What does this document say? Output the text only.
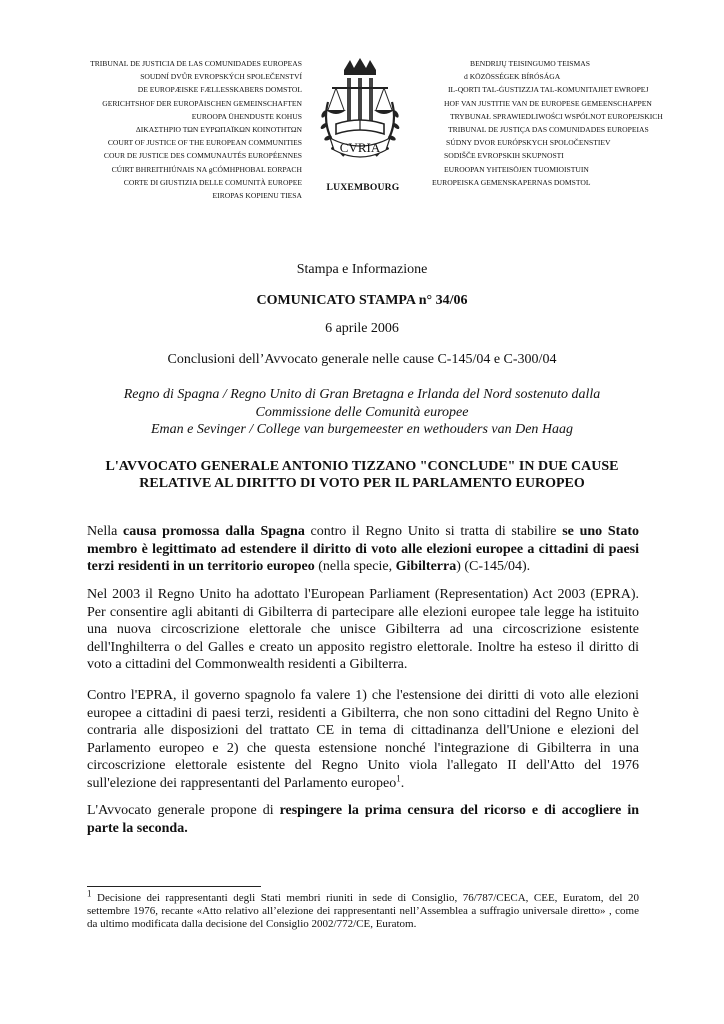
TRIBUNAL DE JUSTICIA DE LAS COMUNIDADES EUROPEAS
SOUDNÍ DVŮR EVROPSKÝCH SPOLEČENSTVÍ
DE EUROPÆISKE FÆLLESSKABERS DOMSTOL
GERICHTSHOF DER EUROPÄISCHEN GEMEINSCHAFTEN
EUROOPA ÜHENDUSTE KOHUS
ΔΙΚΑΣΤΗΡΙΟ ΤΩΝ ΕΥΡΩΠΑΪΚΩΝ ΚΟΙΝΟΤΗΤΩΝ
COURT OF JUSTICE OF THE EUROPEAN COMMUNITIES
COUR DE JUSTICE DES COMMUNAUTÉS EUROPÉENNES
CÚIRT BHREITHIÚNAIS NA gCÓMHPHOBAL EORPACH
CORTE DI GIUSTIZIA DELLE COMUNITÀ EUROPEE
EIROPAS KOPIENU TIESA
CVRIA
LUXEMBOURG
BENDRIJŲ TEISINGUMO TEISMAS
d KÖZÖSSÉGEK BÍRÓSÁGA
IL-QORTI TAL-ĠUSTIZZJA TAL-KOMUNITAJIET EWROPEJ
HOF VAN JUSTITIE VAN DE EUROPESE GEMEENSCHAPPEN
TRYBUNAŁ SPRAWIEDLIWOŚCI WSPÓLNOT EUROPEJSKICH
TRIBUNAL DE JUSTIÇA DAS COMUNIDADES EUROPEIAS
SÚDNY DVOR EURÓPSKYCH SPOLOČENSTIEV
SODIŠČE EVROPSKIH SKUPNOSTI
EUROOPAN YHTEISÖJEN TUOMIOISTUIN
EUROPEISKA GEMENSKAPERNAS DOMSTOL
Stampa e Informazione
COMUNICATO STAMPA n° 34/06
6 aprile 2006
Conclusioni dell’Avvocato generale nelle cause C-145/04 e C-300/04
Regno di Spagna / Regno Unito di Gran Bretagna e Irlanda del Nord sostenuto dalla
Commissione delle Comunità europee
Eman e Sevinger / College van burgemeester en wethouders van Den Haag
L'AVVOCATO GENERALE ANTONIO TIZZANO "CONCLUDE" IN DUE CAUSE
RELATIVE AL DIRITTO DI VOTO PER IL PARLAMENTO EUROPEO

Nella causa promossa dalla Spagna contro il Regno Unito si tratta di stabilire se uno Stato membro è legittimato ad estendere il diritto di voto alle elezioni europee a cittadini di paesi terzi residenti in un territorio europeo (nella specie, Gibilterra) (C-145/04).

Nel 2003 il Regno Unito ha adottato l'European Parliament (Representation) Act 2003 (EPRA). Per consentire agli abitanti di Gibilterra di partecipare alle elezioni europee tale legge ha istituito una nuova circoscrizione elettorale che unisce Gibilterra ad una circoscrizione esistente dell'Inghilterra o del Galles e creato un apposito registro elettorale. Inoltre ha esteso il diritto di voto a cittadini del Commonwealth residenti a Gibilterra.

Contro l'EPRA, il governo spagnolo fa valere 1) che l'estensione dei diritti di voto alle elezioni europee a cittadini di paesi terzi, residenti a Gibilterra, che non sono cittadini del Regno Unito è contraria alle disposizioni del trattato CE in tema di cittadinanza dell'Unione e elezioni del Parlamento europeo e 2) che questa estensione nonché l'integrazione di Gibilterra in una circoscrizione elettorale esistente del Regno Unito viola l'allegato II dell'Atto del 1976 sull'elezione dei rappresentanti del Parlamento europeo$^1$.

L'Avvocato generale propone di respingere la prima censura del ricorso e di accogliere in parte la seconda.

$^1$ Decisione dei rappresentanti degli Stati membri riuniti in sede di Consiglio, 76/787/CECA, CEE, Euratom, del 20 settembre 1976, recante «Atto relativo all’elezione dei rappresentanti nell’Assemblea a suffragio universale diretto» , come da ultimo modificata dalla decisione del Consiglio 2002/772/CE, Euratom.
